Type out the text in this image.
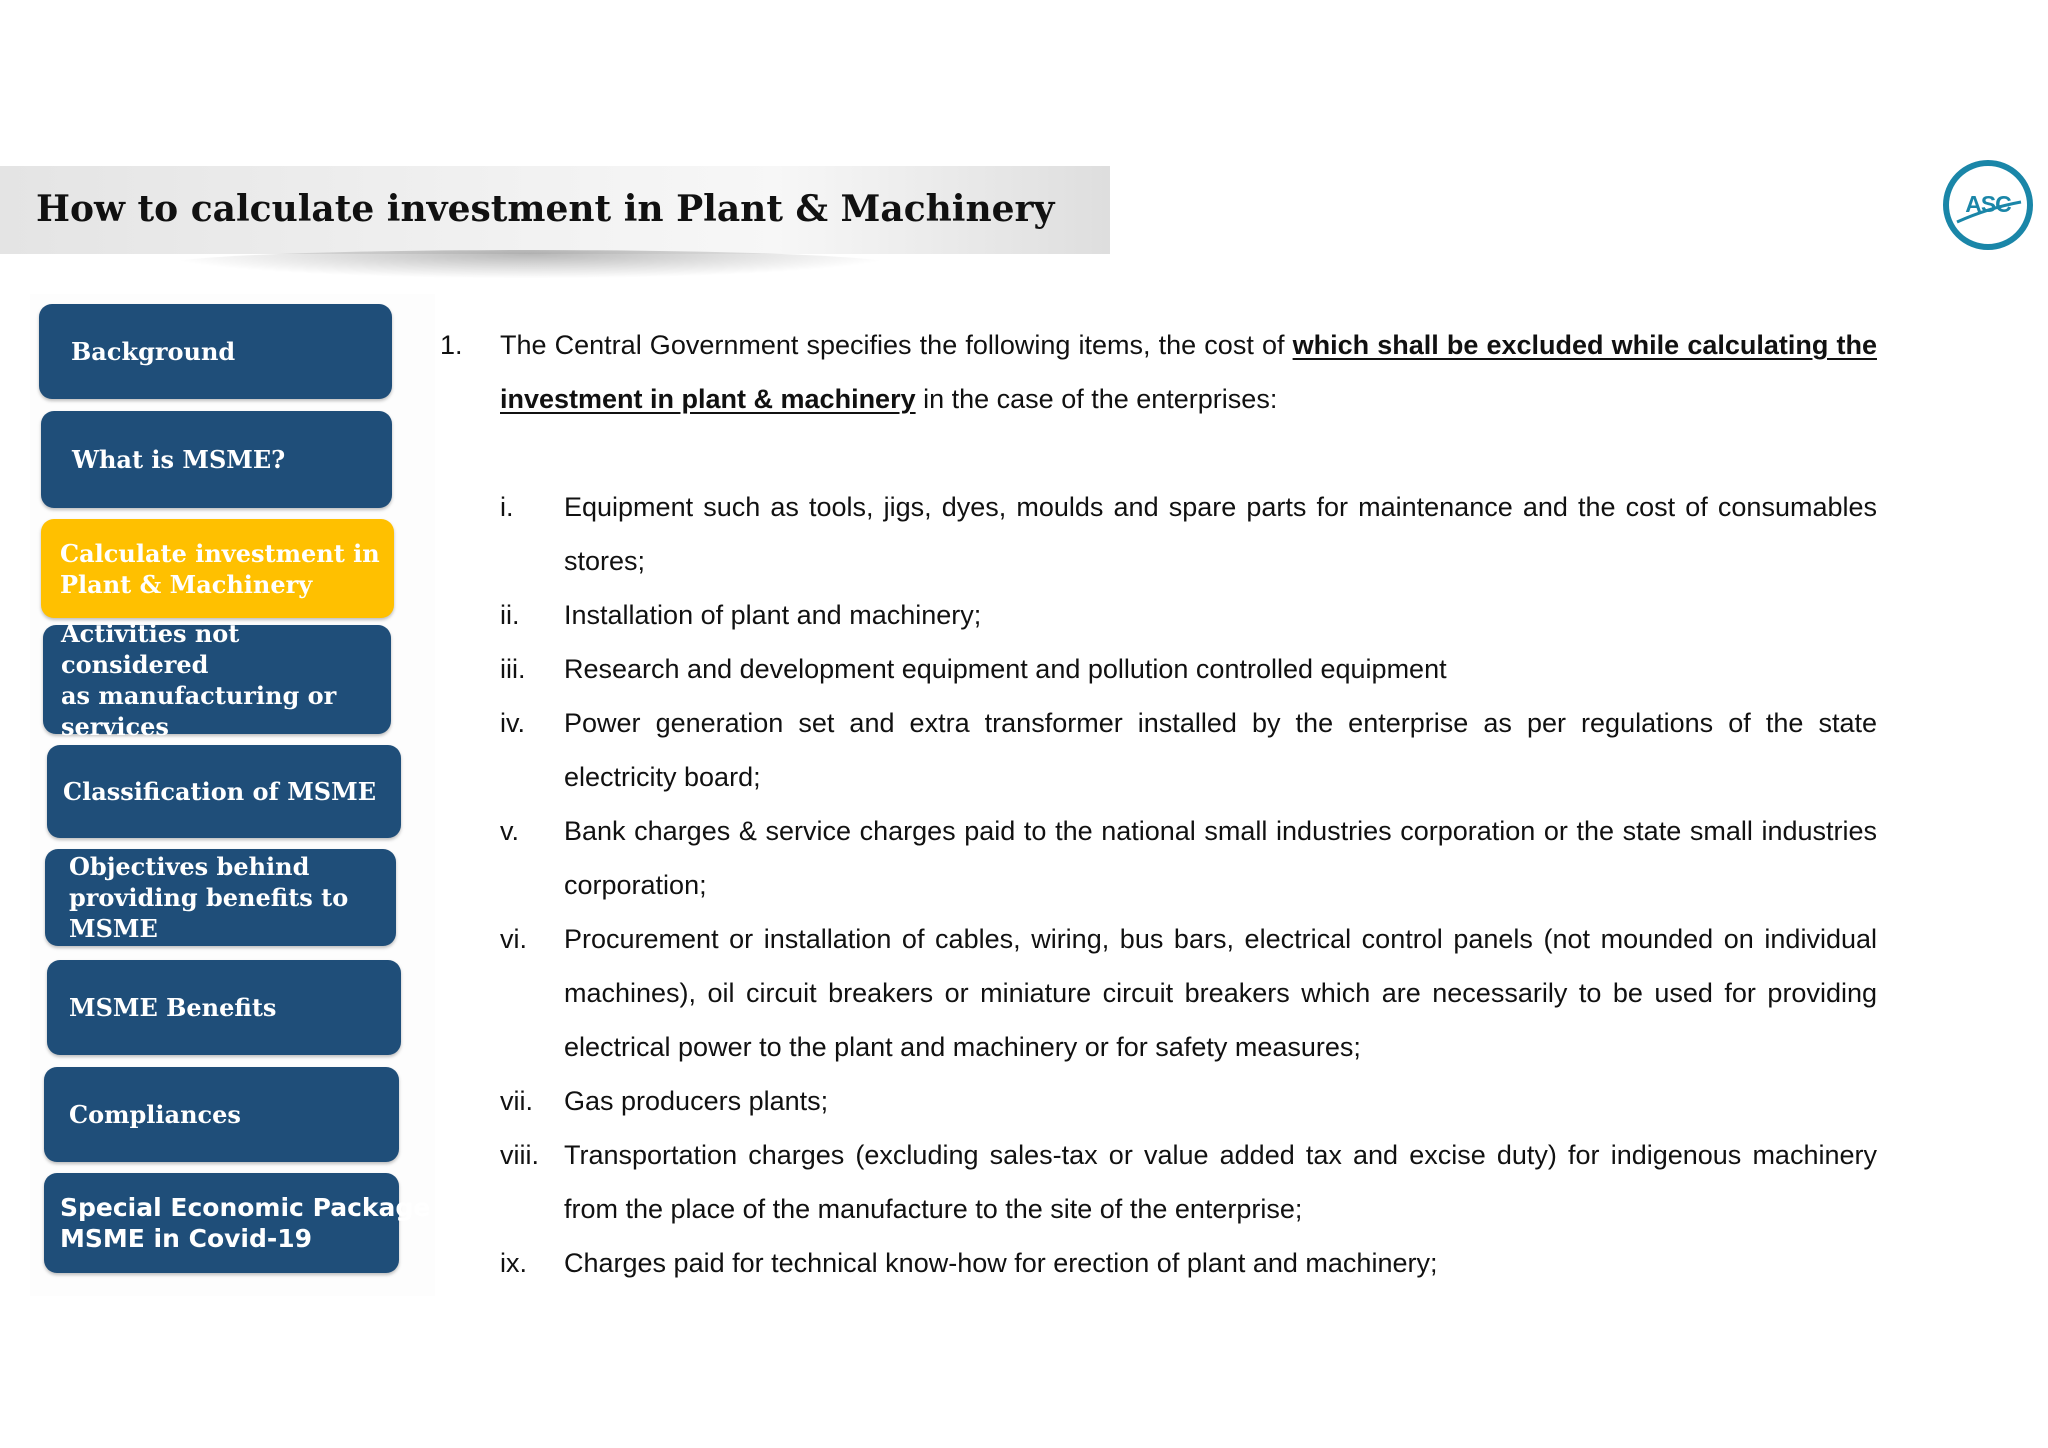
How to calculate investment in Plant & Machinery	ASC
Background
What is MSME?
Calculate investment in
Plant & Machinery
Activities not considered
as manufacturing or
services
Classification of MSME
Objectives behind
providing benefits to
MSME
MSME Benefits
Compliances
Special Economic Package to
MSME in Covid-19
1. The Central Government specifies the following items, the cost of which shall be excluded while calculating the investment in plant & machinery in the case of the enterprises:

i. Equipment such as tools, jigs, dyes, moulds and spare parts for maintenance and the cost of consumables stores;
ii. Installation of plant and machinery;
iii. Research and development equipment and pollution controlled equipment
iv. Power generation set and extra transformer installed by the enterprise as per regulations of the state electricity board;
v. Bank charges & service charges paid to the national small industries corporation or the state small industries corporation;
vi. Procurement or installation of cables, wiring, bus bars, electrical control panels (not mounded on individual machines), oil circuit breakers or miniature circuit breakers which are necessarily to be used for providing electrical power to the plant and machinery or for safety measures;
vii. Gas producers plants;
viii. Transportation charges (excluding sales-tax or value added tax and excise duty) for indigenous machinery from the place of the manufacture to the site of the enterprise;
ix. Charges paid for technical know-how for erection of plant and machinery;
